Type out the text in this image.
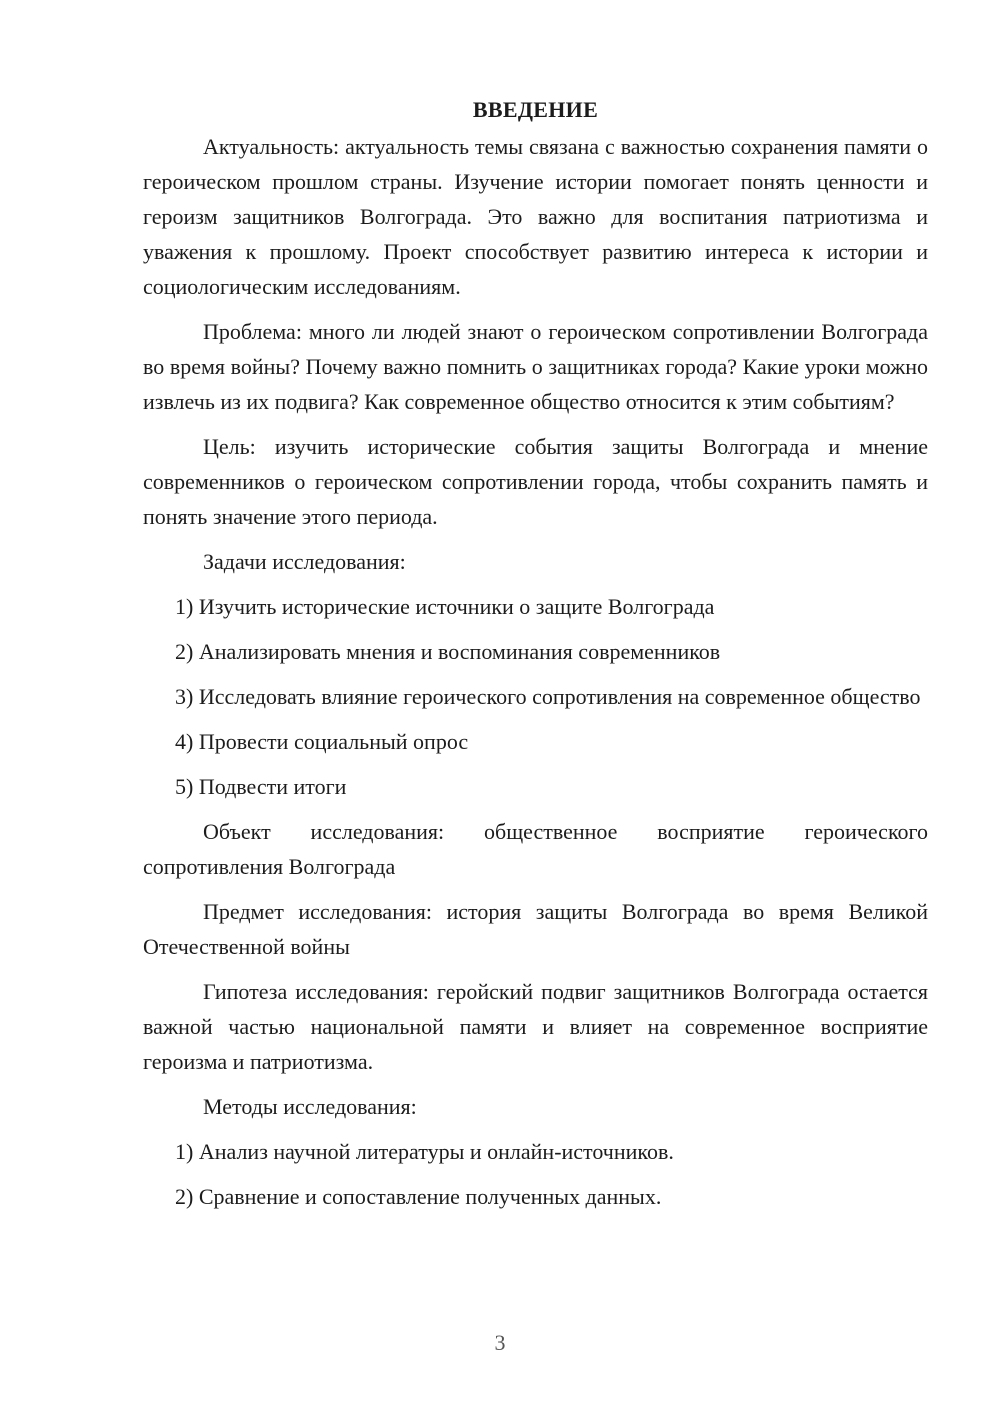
ВВЕДЕНИЕ

Актуальность: актуальность темы связана с важностью сохранения памяти о героическом прошлом страны. Изучение истории помогает понять ценности и героизм защитников Волгограда. Это важно для воспитания патриотизма и уважения к прошлому. Проект способствует развитию интереса к истории и социологическим исследованиям.

Проблема: много ли людей знают о героическом сопротивлении Волгограда во время войны? Почему важно помнить о защитниках города? Какие уроки можно извлечь из их подвига? Как современное общество относится к этим событиям?

Цель: изучить исторические события защиты Волгограда и мнение современников о героическом сопротивлении города, чтобы сохранить память и понять значение этого периода.

Задачи исследования:

1) Изучить исторические источники о защите Волгограда

2) Анализировать мнения и воспоминания современников

3) Исследовать влияние героического сопротивления на современное общество

4) Провести социальный опрос

5) Подвести итоги

Объект исследования: общественное восприятие героического сопротивления Волгограда

Предмет исследования: история защиты Волгограда во время Великой Отечественной войны

Гипотеза исследования: геройский подвиг защитников Волгограда остается важной частью национальной памяти и влияет на современное восприятие героизма и патриотизма.

Методы исследования:

1) Анализ научной литературы и онлайн-источников.

2) Сравнение и сопоставление полученных данных.

3
